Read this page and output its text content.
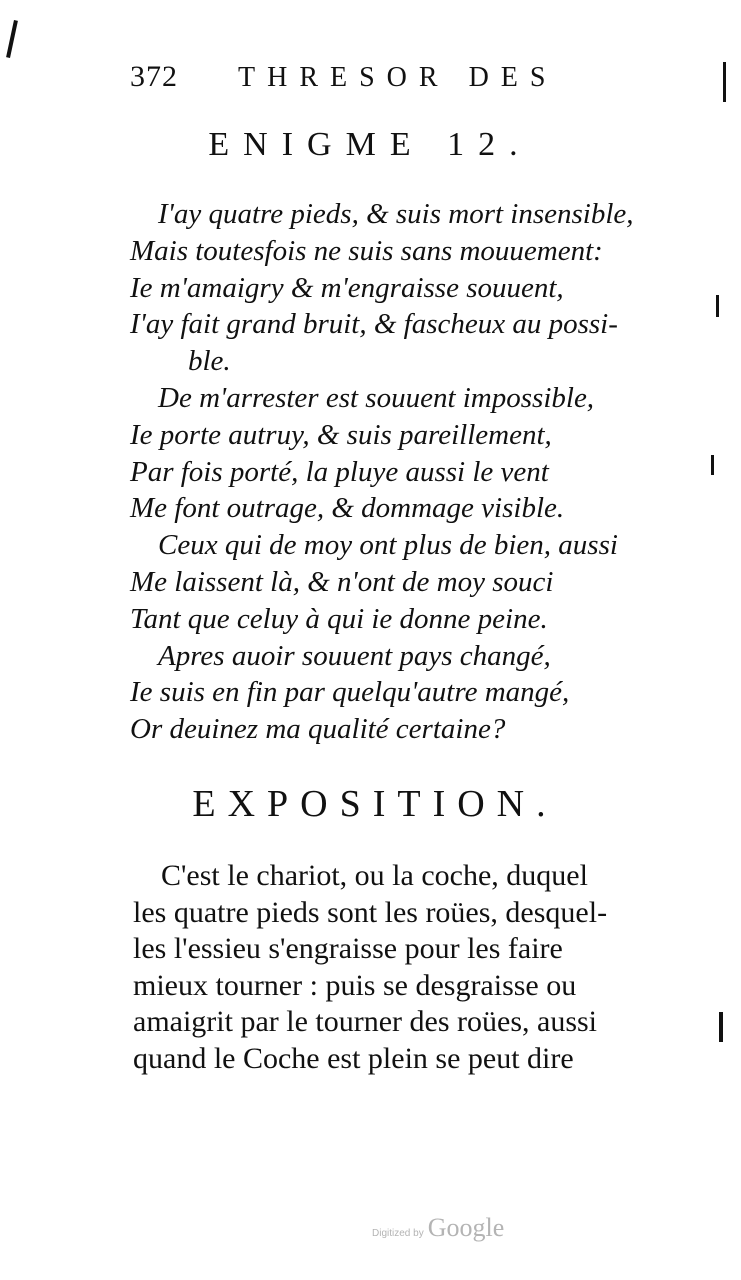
372 THRESOR DES
ENIGME 12.
I'ay quatre pieds, & suis mort insensible,
Mais toutesfois ne suis sans mouuement:
Ie m'amaigry & m'engraisse souuent,
I'ay fait grand bruit, & fascheux au possi-
ble.
De m'arrester est souuent impossible,
Ie porte autruy, & suis pareillement,
Par fois porté, la pluye aussi le vent
Me font outrage, & dommage visible.
Ceux qui de moy ont plus de bien, aussi
Me laissent là, & n'ont de moy souci
Tant que celuy à qui ie donne peine.
Apres auoir souuent pays changé,
Ie suis en fin par quelqu'autre mangé,
Or deuinez ma qualité certaine?
EXPOSITION.
C'est le chariot, ou la coche, duquel
les quatre pieds sont les roües, desquel-
les l'essieu s'engraisse pour les faire
mieux tourner : puis se desgraisse ou
amaigrit par le tourner des roües, aussi
quand le Coche est plein se peut dire
Digitized by Google
